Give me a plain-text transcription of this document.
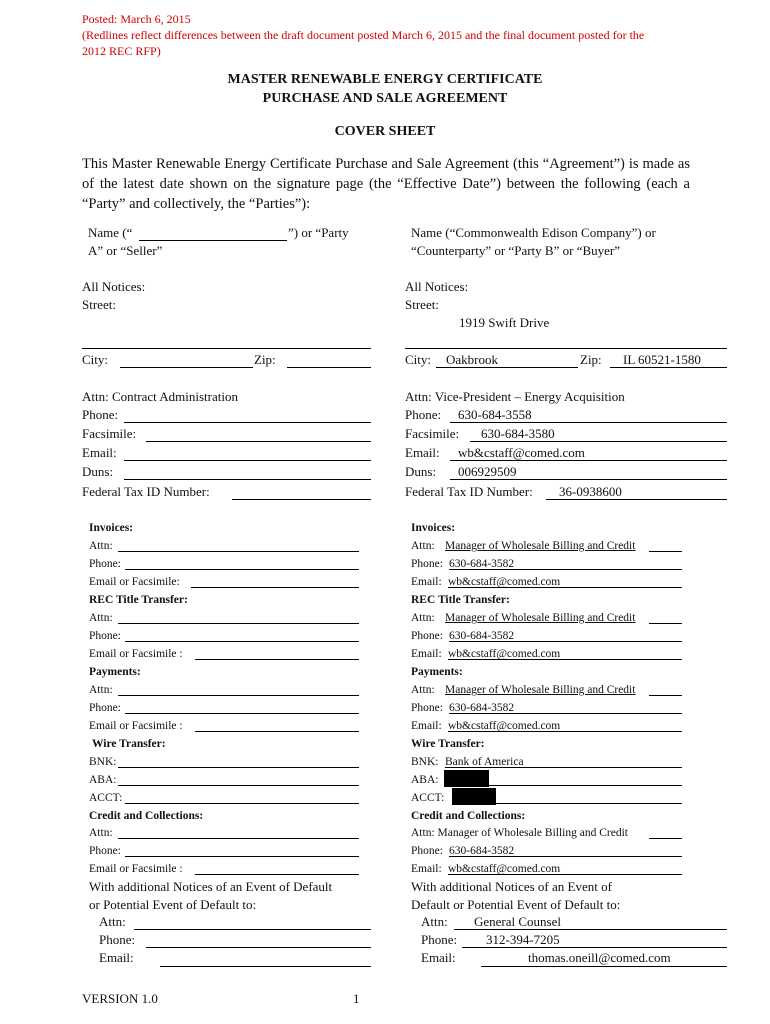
Posted: March 6, 2015
(Redlines reflect differences between the draft document posted March 6, 2015 and the final document posted for the
2012 REC RFP)
MASTER RENEWABLE ENERGY CERTIFICATE
PURCHASE AND SALE AGREEMENT
COVER SHEET
This Master Renewable Energy Certificate Purchase and Sale Agreement (this “Agreement”) is made as of the latest date shown on the signature page (the “Effective Date”) between the following (each a “Party” and collectively, the “Parties”):
Name (“	”) or “Party
A” or “Seller”
All Notices:
Street:
City:	Zip:
Attn: Contract Administration
Phone:
Facsimile:
Email:
Duns:
Federal Tax ID Number:
Invoices:
Attn:
Phone:
Email or Facsimile:
REC Title Transfer:
Attn:
Phone:
Email or Facsimile :
Payments:
Attn:
Phone:
Email or Facsimile :
Wire Transfer:
BNK:
ABA:
ACCT:
Credit and Collections:
Attn:
Phone:
Email or Facsimile :
With additional Notices of an Event of Default
or Potential Event of Default to:
Attn:
Phone:
Email:
Name (“Commonwealth Edison Company”) or
“Counterparty” or “Party B” or “Buyer”
All Notices:
Street:
1919 Swift Drive
City: Oakbrook	Zip: IL 60521-1580
Attn: Vice-President – Energy Acquisition
Phone: 630-684-3558
Facsimile: 630-684-3580
Email: wb&cstaff@comed.com
Duns: 006929509
Federal Tax ID Number: 36-0938600
Invoices:
Attn: Manager of Wholesale Billing and Credit
Phone: 630-684-3582
Email: wb&cstaff@comed.com
REC Title Transfer:
Attn: Manager of Wholesale Billing and Credit
Phone: 630-684-3582
Email: wb&cstaff@comed.com
Payments:
Attn: Manager of Wholesale Billing and Credit
Phone: 630-684-3582
Email: wb&cstaff@comed.com
Wire Transfer:
BNK: Bank of America
ABA:
ACCT:
Credit and Collections:
Attn: Manager of Wholesale Billing and Credit
Phone: 630-684-3582
Email: wb&cstaff@comed.com
With additional Notices of an Event of
Default or Potential Event of Default to:
Attn: General Counsel
Phone: 312-394-7205
Email:	thomas.oneill@comed.com
VERSION 1.0	1
